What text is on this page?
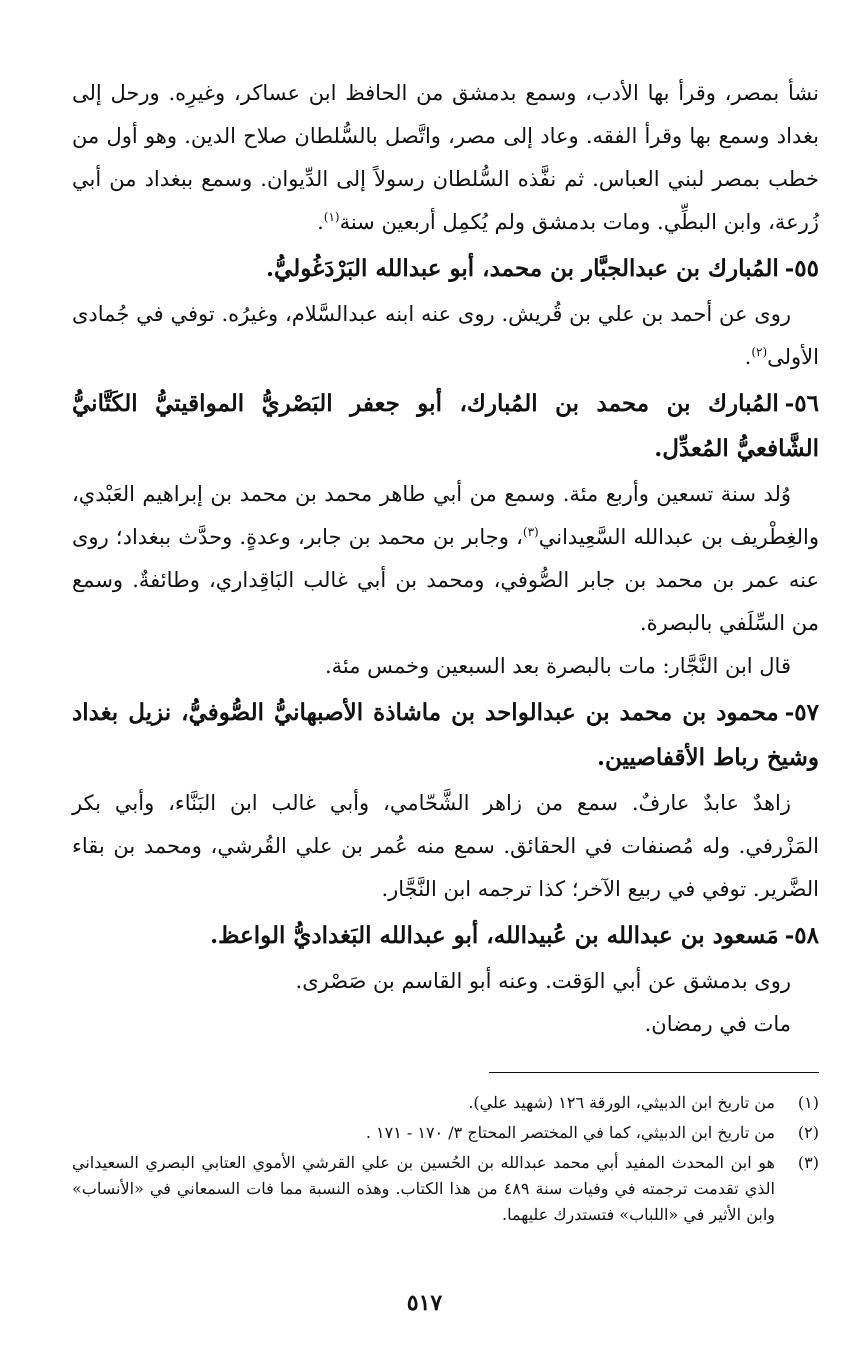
نشأ بمصر، وقرأ بها الأدب، وسمع بدمشق من الحافظ ابن عساكر، وغيرِه. ورحل إلى بغداد وسمع بها وقرأ الفقه. وعاد إلى مصر، واتَّصل بالسُّلطان صلاح الدين. وهو أول من خطب بمصر لبني العباس. ثم نفَّذه السُّلطان رسولاً إلى الدِّيوان. وسمع ببغداد من أبي زُرعة، وابن البطِّي. ومات بدمشق ولم يُكمِل أربعين سنة$^{(١)}$.

٥٥-المُبارك بن عبدالجبَّار بن محمد، أبو عبدالله البَرْدَغُوليُّ.

روى عن أحمد بن علي بن قُريش. روى عنه ابنه عبدالسَّلام، وغيرُه. توفي في جُمادى الأولى$^{(٢)}$.

٥٦-المُبارك بن محمد بن المُبارك، أبو جعفر البَصْريُّ المواقيتيُّ الكَتَّانيُّ الشَّافعيُّ المُعدِّل.

وُلد سنة تسعين وأربع مئة. وسمع من أبي طاهر محمد بن محمد بن إبراهيم العَبْدي، والغِطْريف بن عبدالله السَّعِيداني$^{(٣)}$، وجابر بن محمد بن جابر، وعدةٍ. وحدَّث ببغداد؛ روى عنه عمر بن محمد بن جابر الصُّوفي، ومحمد بن أبي غالب البَاقِداري، وطائفةٌ. وسمع من السِّلَفي بالبصرة.

قال ابن النَّجَّار: مات بالبصرة بعد السبعين وخمس مئة.

٥٧-محمود بن محمد بن عبدالواحد بن ماشاذة الأصبهانيُّ الصُّوفيُّ، نزيل بغداد وشيخ رباط الأقفاصيين.

زاهدٌ عابدٌ عارفٌ. سمع من زاهر الشَّحّامي، وأبي غالب ابن البَنَّاء، وأبي بكر المَزْرفي. وله مُصنفات في الحقائق. سمع منه عُمر بن علي القُرشي، ومحمد بن بقاء الضَّرير. توفي في ربيع الآخر؛ كذا ترجمه ابن النَّجَّار.

٥٨-مَسعود بن عبدالله بن عُبيدالله، أبو عبدالله البَغداديُّ الواعظ.

روى بدمشق عن أبي الوَقت. وعنه أبو القاسم بن صَصْرى.

مات في رمضان.

(١)
من تاريخ ابن الدبيثي، الورقة ١٢٦ (شهيد علي).
(٢)
من تاريخ ابن الدبيثي، كما في المختصر المحتاج ٣/ ١٧٠ - ١٧١ .
(٣)
هو ابن المحدث المفيد أبي محمد عبدالله بن الحُسين بن علي القرشي الأموي العتابي البصري السعيداني الذي تقدمت ترجمته في وفيات سنة ٤٨٩ من هذا الكتاب. وهذه النسبة مما فات السمعاني في «الأنساب» وابن الأثير في «اللباب» فتستدرك عليهما.
٥١٧
